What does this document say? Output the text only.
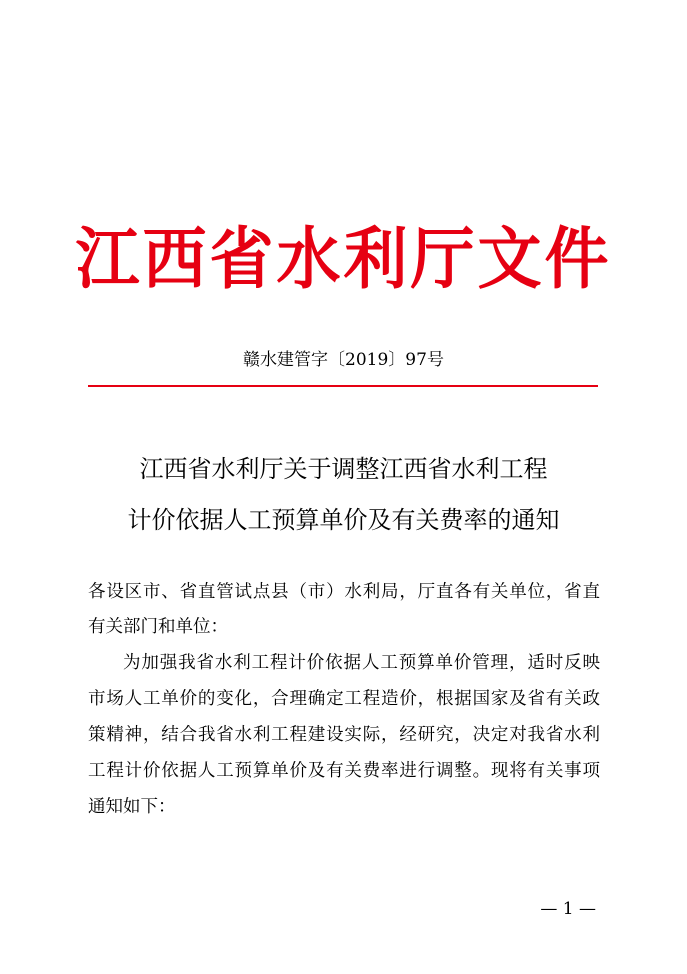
江西省水利厅文件
赣水建管字〔2019〕97号
江西省水利厅关于调整江西省水利工程
计价依据人工预算单价及有关费率的通知
各设区市、省直管试点县（市）水利局，厅直各有关单位，省直
有关部门和单位：
为加强我省水利工程计价依据人工预算单价管理，适时反映
市场人工单价的变化，合理确定工程造价，根据国家及省有关政
策精神，结合我省水利工程建设实际，经研究，决定对我省水利
工程计价依据人工预算单价及有关费率进行调整。现将有关事项
通知如下：
— 1 —
